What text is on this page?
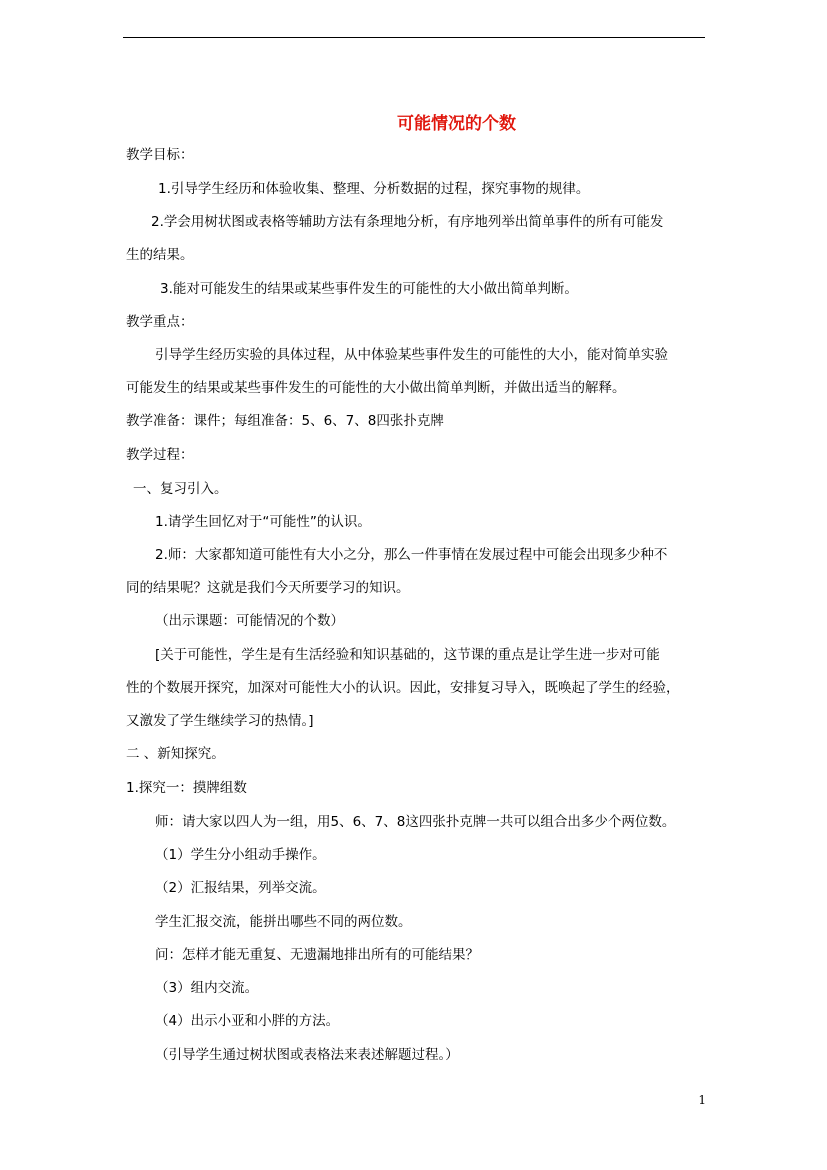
可能情况的个数
教学目标：
1.引导学生经历和体验收集、整理、分析数据的过程，探究事物的规律。
2.学会用树状图或表格等辅助方法有条理地分析，有序地列举出简单事件的所有可能发
生的结果。
3.能对可能发生的结果或某些事件发生的可能性的大小做出简单判断。
教学重点：
引导学生经历实验的具体过程，从中体验某些事件发生的可能性的大小，能对简单实验
可能发生的结果或某些事件发生的可能性的大小做出简单判断，并做出适当的解释。
教学准备：课件；每组准备：5、6、7、8四张扑克牌
教学过程：
一、复习引入。
1.请学生回忆对于“可能性”的认识。
2.师：大家都知道可能性有大小之分，那么一件事情在发展过程中可能会出现多少种不
同的结果呢？这就是我们今天所要学习的知识。
（出示课题：可能情况的个数）
[关于可能性，学生是有生活经验和知识基础的，这节课的重点是让学生进一步对可能
性的个数展开探究，加深对可能性大小的认识。因此，安排复习导入，既唤起了学生的经验，
又激发了学生继续学习的热情。]
二 、新知探究。
1.探究一：摸牌组数
师：请大家以四人为一组，用5、6、7、8这四张扑克牌一共可以组合出多少个两位数。
（1）学生分小组动手操作。
（2）汇报结果，列举交流。
学生汇报交流，能拼出哪些不同的两位数。
问：怎样才能无重复、无遗漏地排出所有的可能结果？
（3）组内交流。
（4）出示小亚和小胖的方法。
（引导学生通过树状图或表格法来表述解题过程。）
1
